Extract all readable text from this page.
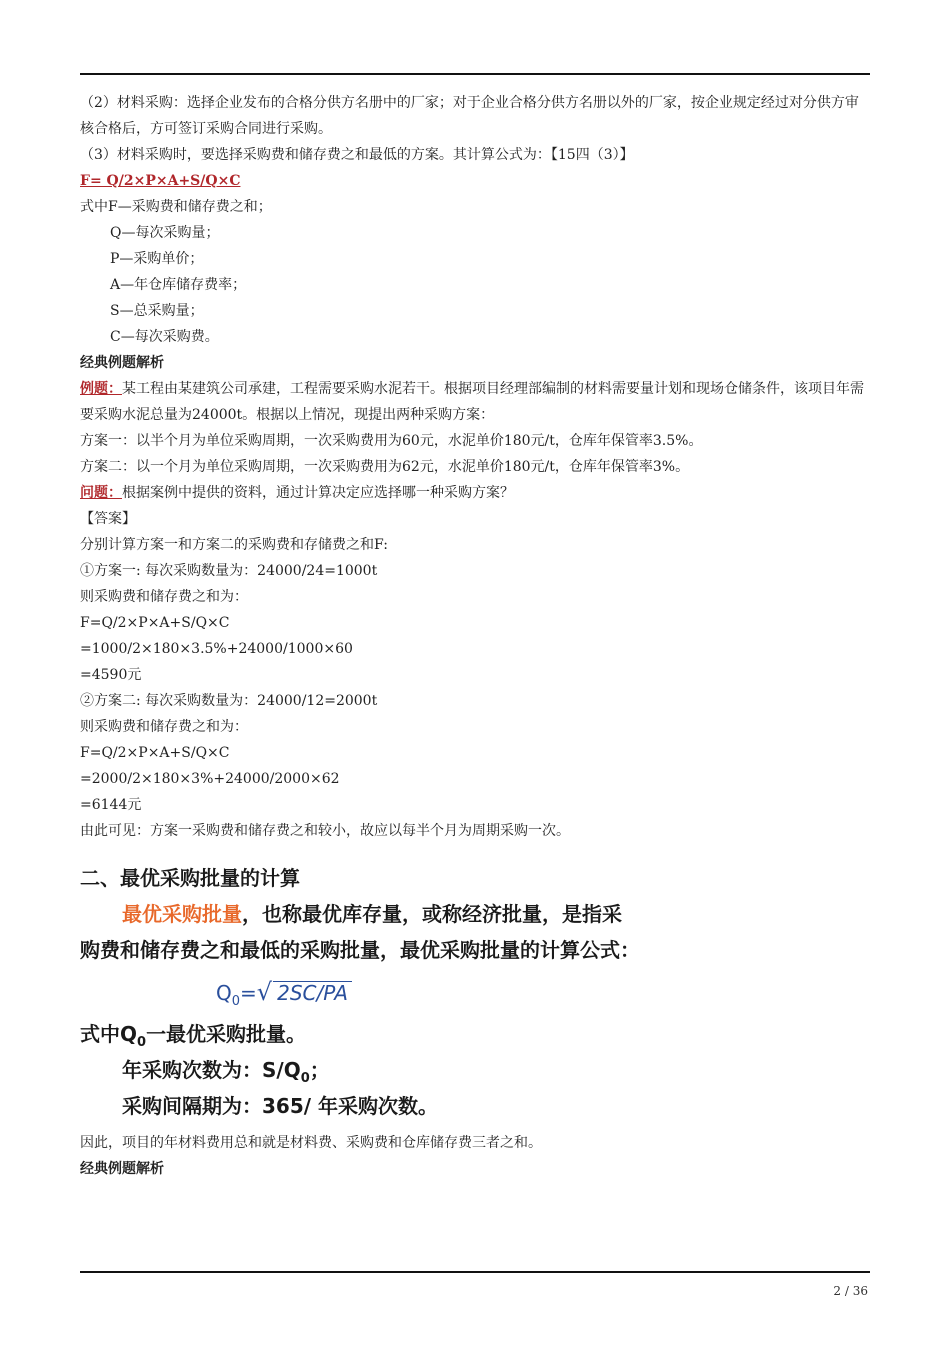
（2）材料采购：选择企业发布的合格分供方名册中的厂家；对于企业合格分供方名册以外的厂家，按企业规定经过对分供方审核合格后，方可签订采购合同进行采购。
（3）材料采购时，要选择采购费和储存费之和最低的方案。其计算公式为：【15四（3）】
F= Q/2×P×A+S/Q×C
式中F—采购费和储存费之和；
Q—每次采购量；
P—采购单价；
A—年仓库储存费率；
S—总采购量；
C—每次采购费。
经典例题解析
例题：某工程由某建筑公司承建，工程需要采购水泥若干。根据项目经理部编制的材料需要量计划和现场仓储条件，该项目年需要采购水泥总量为24000t。根据以上情况，现提出两种采购方案：
方案一：以半个月为单位采购周期，一次采购费用为60元，水泥单价180元/t，仓库年保管率3.5%。
方案二：以一个月为单位采购周期，一次采购费用为62元，水泥单价180元/t，仓库年保管率3%。
问题：根据案例中提供的资料，通过计算决定应选择哪一种采购方案？
【答案】
分别计算方案一和方案二的采购费和存储费之和F:
①方案一: 每次采购数量为：24000/24=1000t
则采购费和储存费之和为：
F=Q/2×P×A+S/Q×C
=1000/2×180×3.5%+24000/1000×60
=4590元
②方案二: 每次采购数量为：24000/12=2000t
则采购费和储存费之和为：
F=Q/2×P×A+S/Q×C
=2000/2×180×3%+24000/2000×62
=6144元
由此可见：方案一采购费和储存费之和较小，故应以每半个月为周期采购一次。
二、最优采购批量的计算
最优采购批量，也称最优库存量，或称经济批量，是指采
购费和储存费之和最低的采购批量，最优采购批量的计算公式：
$Q_0=√$ 2SC/PA
式中$Q_0$一最优采购批量。
年采购次数为：$S/Q_0$；
采购间隔期为：365/ 年采购次数。
因此，项目的年材料费用总和就是材料费、采购费和仓库储存费三者之和。
经典例题解析
2 / 36
